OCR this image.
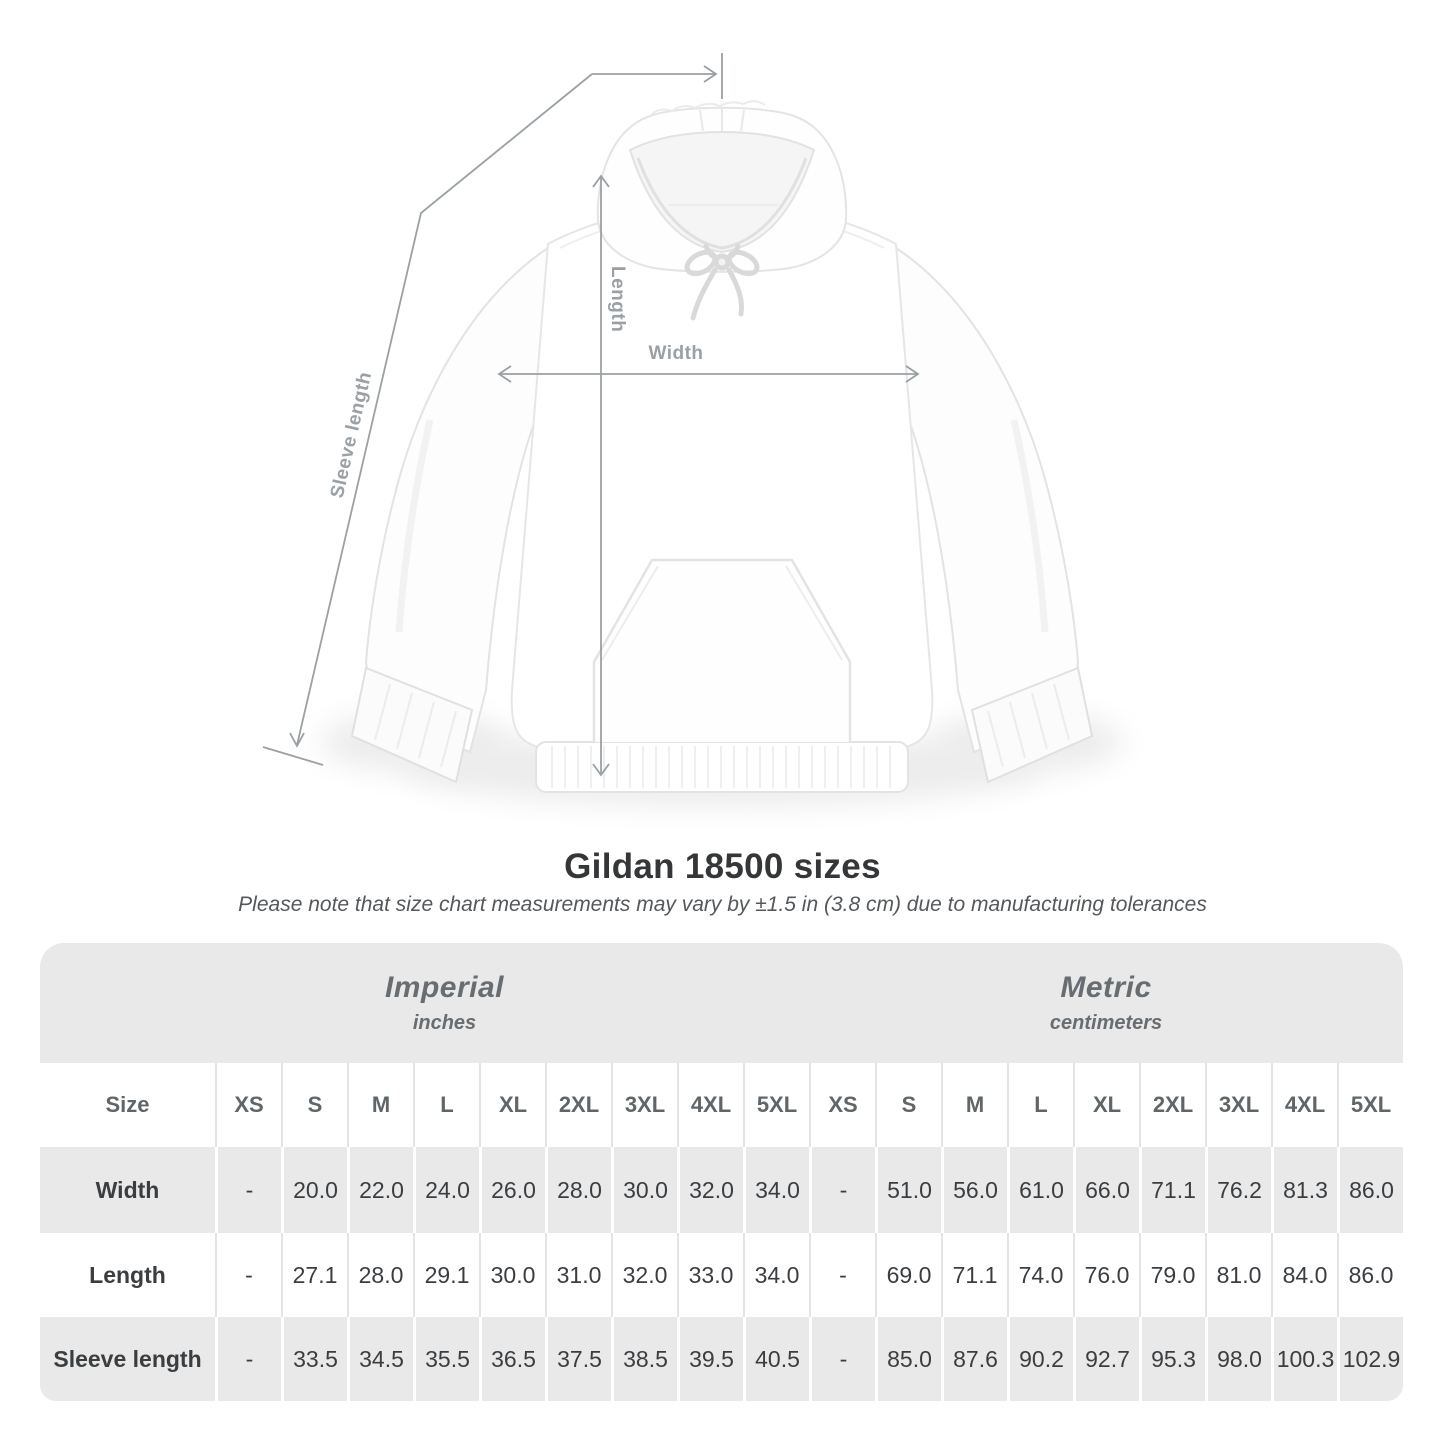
Sleeve length
Length
Width
Gildan 18500 sizes
Please note that size chart measurements may vary by ±1.5 in (3.8 cm) due to manufacturing tolerances
Imperial
inches

Metric
centimeters

Size	XS	S	M	L	XL	2XL	3XL	4XL	5XL	XS	S	M	L	XL	2XL	3XL	4XL	5XL
Width	-	20.0	22.0	24.0	26.0	28.0	30.0	32.0	34.0	-	51.0	56.0	61.0	66.0	71.1	76.2	81.3	86.0
Length	-	27.1	28.0	29.1	30.0	31.0	32.0	33.0	34.0	-	69.0	71.1	74.0	76.0	79.0	81.0	84.0	86.0
Sleeve length	-	33.5	34.5	35.5	36.5	37.5	38.5	39.5	40.5	-	85.0	87.6	90.2	92.7	95.3	98.0	100.3	102.9
